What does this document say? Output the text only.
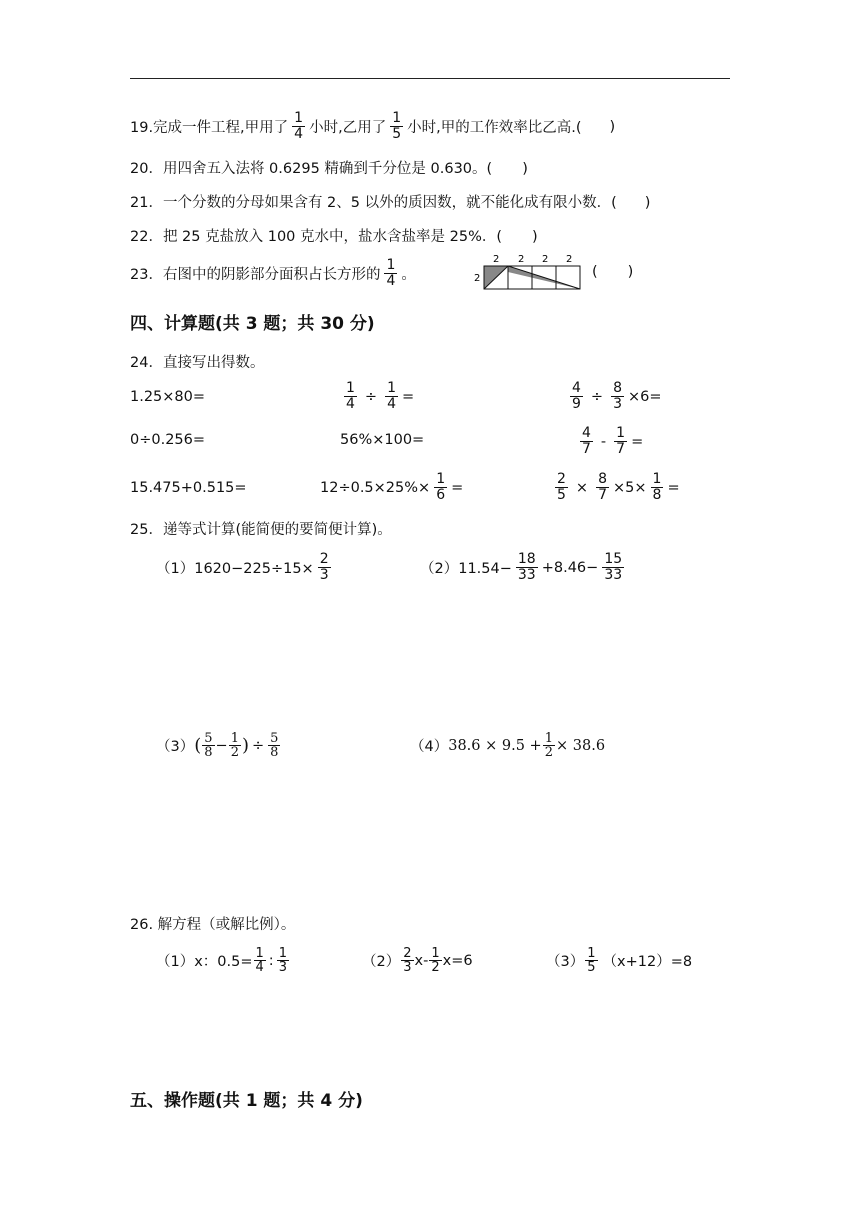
19.完成一件工程,甲用了 $\frac{1}{4}$ 小时,乙用了 $\frac{1}{5}$ 小时,甲的工作效率比乙高.( )
20．用四舍五入法将 0.6295 精确到千分位是 0.630。( )
21．一个分数的分母如果含有 2、5 以外的质因数，就不能化成有限小数．( )
22．把 25 克盐放入 100 克水中，盐水含盐率是 25%．( )
23．右图中的阴影部分面积占长方形的 $\frac{1}{4}$ 。	2
2 2 2 2
( )
四、计算题(共 3 题；共 30 分)
24．直接写出得数。
1.25×80=	$\frac{1}{4} \div \frac{1}{4}$ =	$\frac{4}{9} \div \frac{8}{3} \times 6=$
0÷0.256=	56%×100=	$\frac{4}{7} - \frac{1}{7}$ =
15.475+0.515=	$12\div 0.5\times 25\%\times \frac{1}{6}$ =	$\frac{2}{5} \times \frac{8}{7} \times 5\times \frac{1}{8}$ =
25．递等式计算(能简便的要简便计算)。
$(1)1620-225\div 15\times \frac{2}{3}$	$(2)11.54- \frac{18}{33} +8.46- \frac{15}{33}$
（3） ( $\frac{5}{8} - \frac{1}{2}$ ) ÷ $\frac{5}{8}$	（4） $38.6 \times 9.5 + \frac{1}{2} \times 38.6$
26. 解方程（或解比例）。
（1）x：$0.5= \frac{1}{4}$ : $\frac{1}{3}$	$(2) \frac{2}{3} x- \frac{1}{2} x=6$	$(3) \frac{1}{5} (x+12)=8$
五、操作题(共 1 题；共 4 分)
